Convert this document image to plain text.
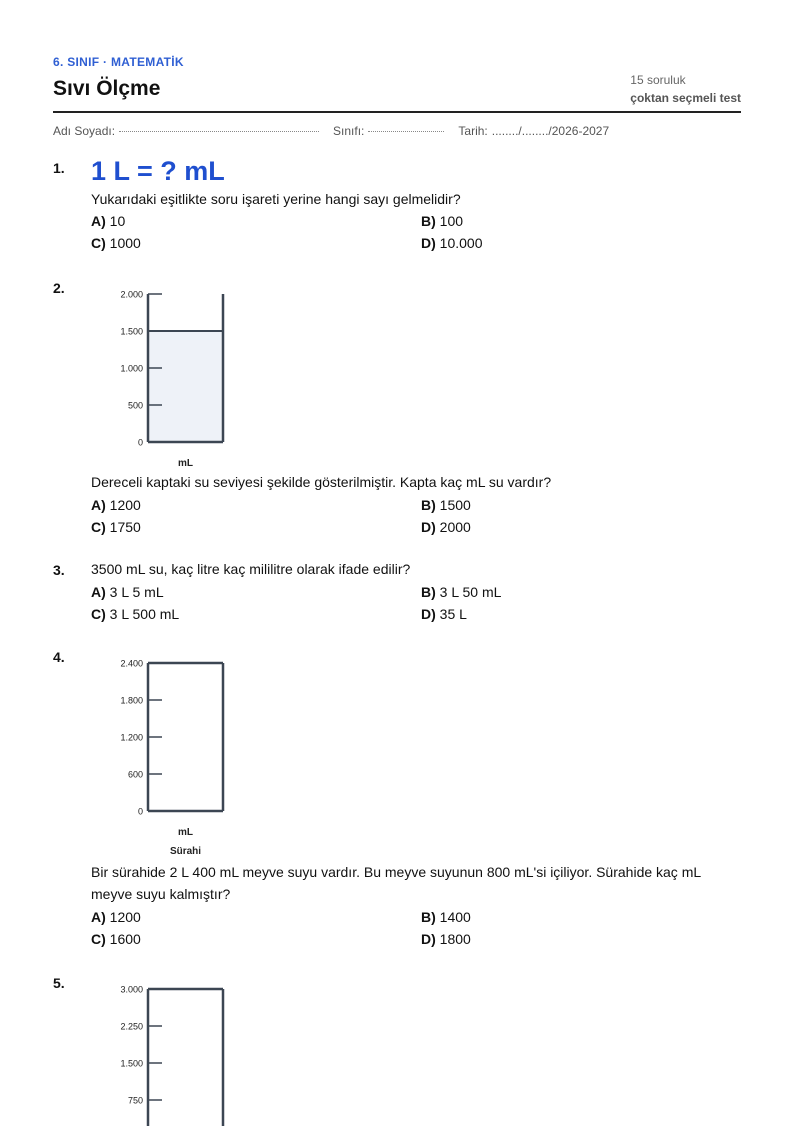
6. SINIF · MATEMATİK
Sıvı Ölçme	15 soruluk
çoktan seçmeli test
Adı Soyadı:	Sınıfı:	Tarih: ......../......../2026-2027
1. 1 L = ? mL
Yukarıdaki eşitlikte soru işareti yerine hangi sayı gelmelidir?
A) 10	B) 100
C) 1000	D) 10.000
2.	2.000
1.500
1.000
500
0
mL
Dereceli kaptaki su seviyesi şekilde gösterilmiştir. Kapta kaç mL su vardır?
A) 1200	B) 1500
C) 1750	D) 2000
3. 3500 mL su, kaç litre kaç mililitre olarak ifade edilir?
A) 3 L 5 mL	B) 3 L 50 mL
C) 3 L 500 mL	D) 35 L
4.	2.400
1.800
1.200
600
0
mL
Sürahi
Bir sürahide 2 L 400 mL meyve suyu vardır. Bu meyve suyunun 800 mL'si içiliyor. Sürahide kaç mL
meyve suyu kalmıştır?
A) 1200	B) 1400
C) 1600	D) 1800
5.	3.000
2.250
1.500
750
